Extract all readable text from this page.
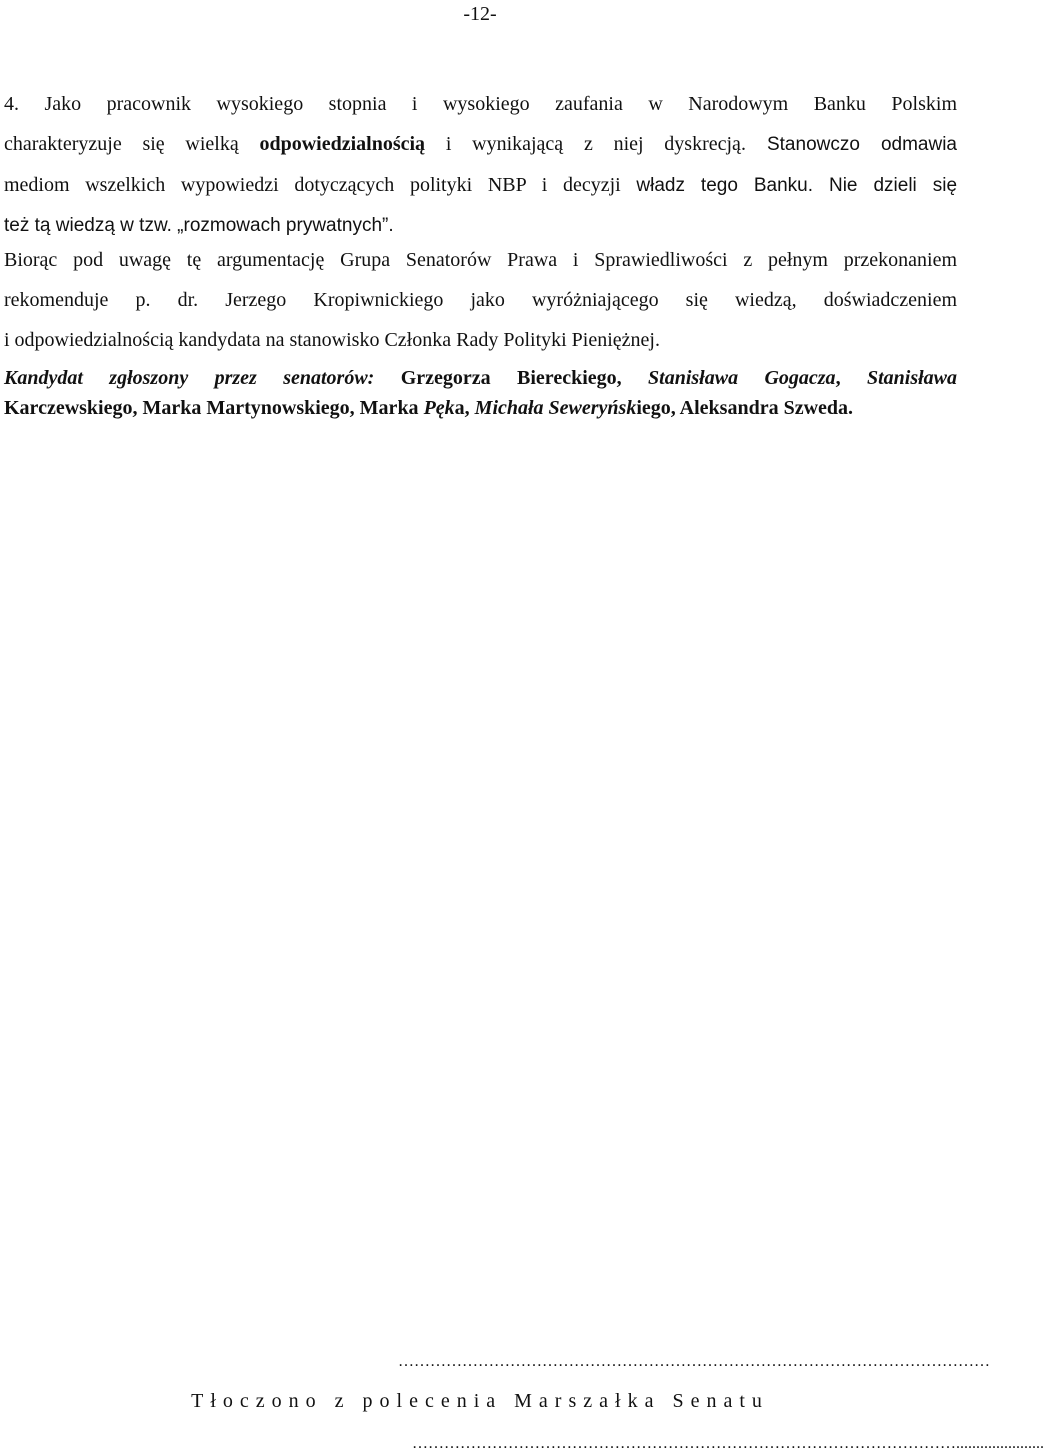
-12-
4. Jako pracownik wysokiego stopnia i wysokiego zaufania w Narodowym Banku Polskim
charakteryzuje się wielką odpowiedzialnością i wynikającą z niej dyskrecją. Stanowczo odmawia
mediom wszelkich wypowiedzi dotyczących polityki NBP i decyzji władz tego Banku. Nie dzieli się
też tą wiedzą w tzw. „rozmowach prywatnych”.
Biorąc pod uwagę tę argumentację Grupa Senatorów Prawa i Sprawiedliwości z pełnym przekonaniem
rekomenduje p. dr. Jerzego Kropiwnickiego jako wyróżniającego się wiedzą, doświadczeniem
i odpowiedzialnością kandydata na stanowisko Członka Rady Polityki Pieniężnej.
Kandydat zgłoszony przez senatorów: Grzegorza Biereckiego, Stanisława Gogacza, Stanisława
Karczewskiego, Marka Martynowskiego, Marka Pęka, Michała Seweryńskiego, Aleksandra Szweda.
…………………………………………………………………………………………………
Tłoczono z polecenia Marszałka Senatu
…………………………………………………………………………………………......................
